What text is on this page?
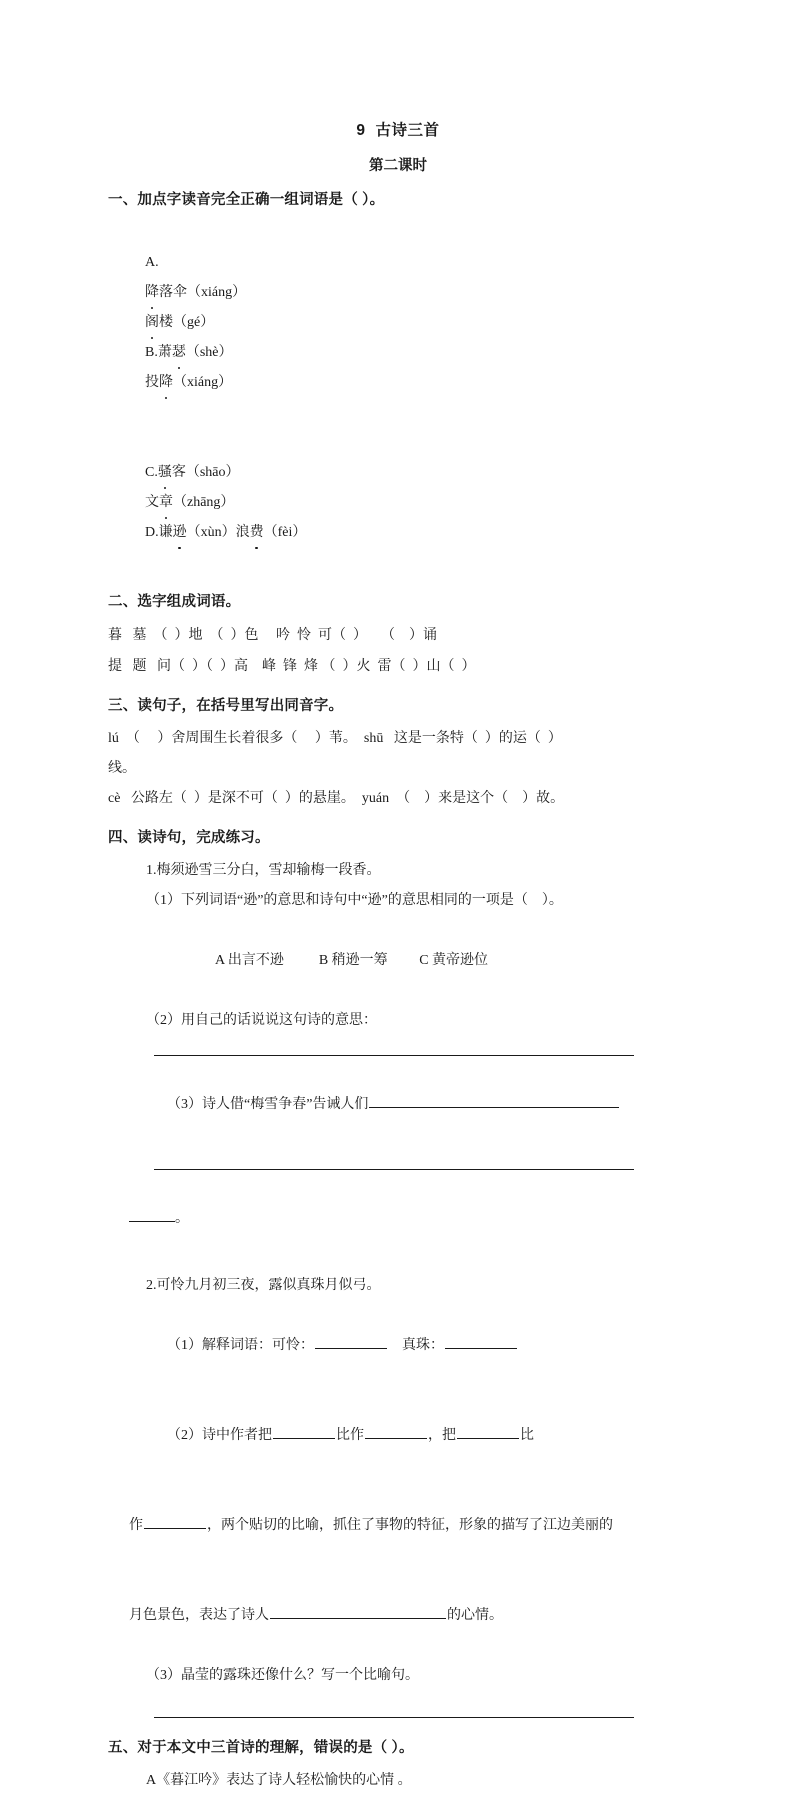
9 古诗三首
第二课时
一、加点字读音完全正确一组词语是（ ）。

A.
降落伞（xiáng）
阁楼（gé）
B.萧瑟（shè）
投降（xiáng）

C.骚客（shāo）
文章（zhāng）
D.谦逊（xùn）浪费（fèi）

二、选字组成词语。
暮   墓  （  ）地  （  ）色     吟  怜  可（  ）    （    ）诵
提   题   问（  ）（  ）高    峰  锋  烽 （  ）火  雷（  ）山（  ）
三、读句子，在括号里写出同音字。
lú  （     ）舍周围生长着很多（     ）苇。  shū   这是一条特（  ）的运（  ）
线。
cè   公路左（  ）是深不可（  ）的悬崖。  yuán  （    ）来是这个（    ）故。
四、读诗句，完成练习。
1.梅须逊雪三分白，雪却输梅一段香。
（1）下列词语“逊”的意思和诗句中“逊”的意思相同的一项是（    ）。

A 出言不逊	B 稍逊一筹 C 黄帝逊位

（2）用自己的话说说这句诗的意思：

（3）诗人借“梅雪争春”告诫人们

。

2.可怜九月初三夜，露似真珠月似弓。

（1）解释词语：可怜：	真珠：

（2）诗中作者把	比作	，把	比

作	，两个贴切的比喻，抓住了事物的特征，形象的描写了江边美丽的

月色景色，表达了诗人	的心情。

（3）晶莹的露珠还像什么？写一个比喻句。
五、对于本文中三首诗的理解，错误的是（ ）。
A《暮江吟》表达了诗人轻松愉快的心情 。
